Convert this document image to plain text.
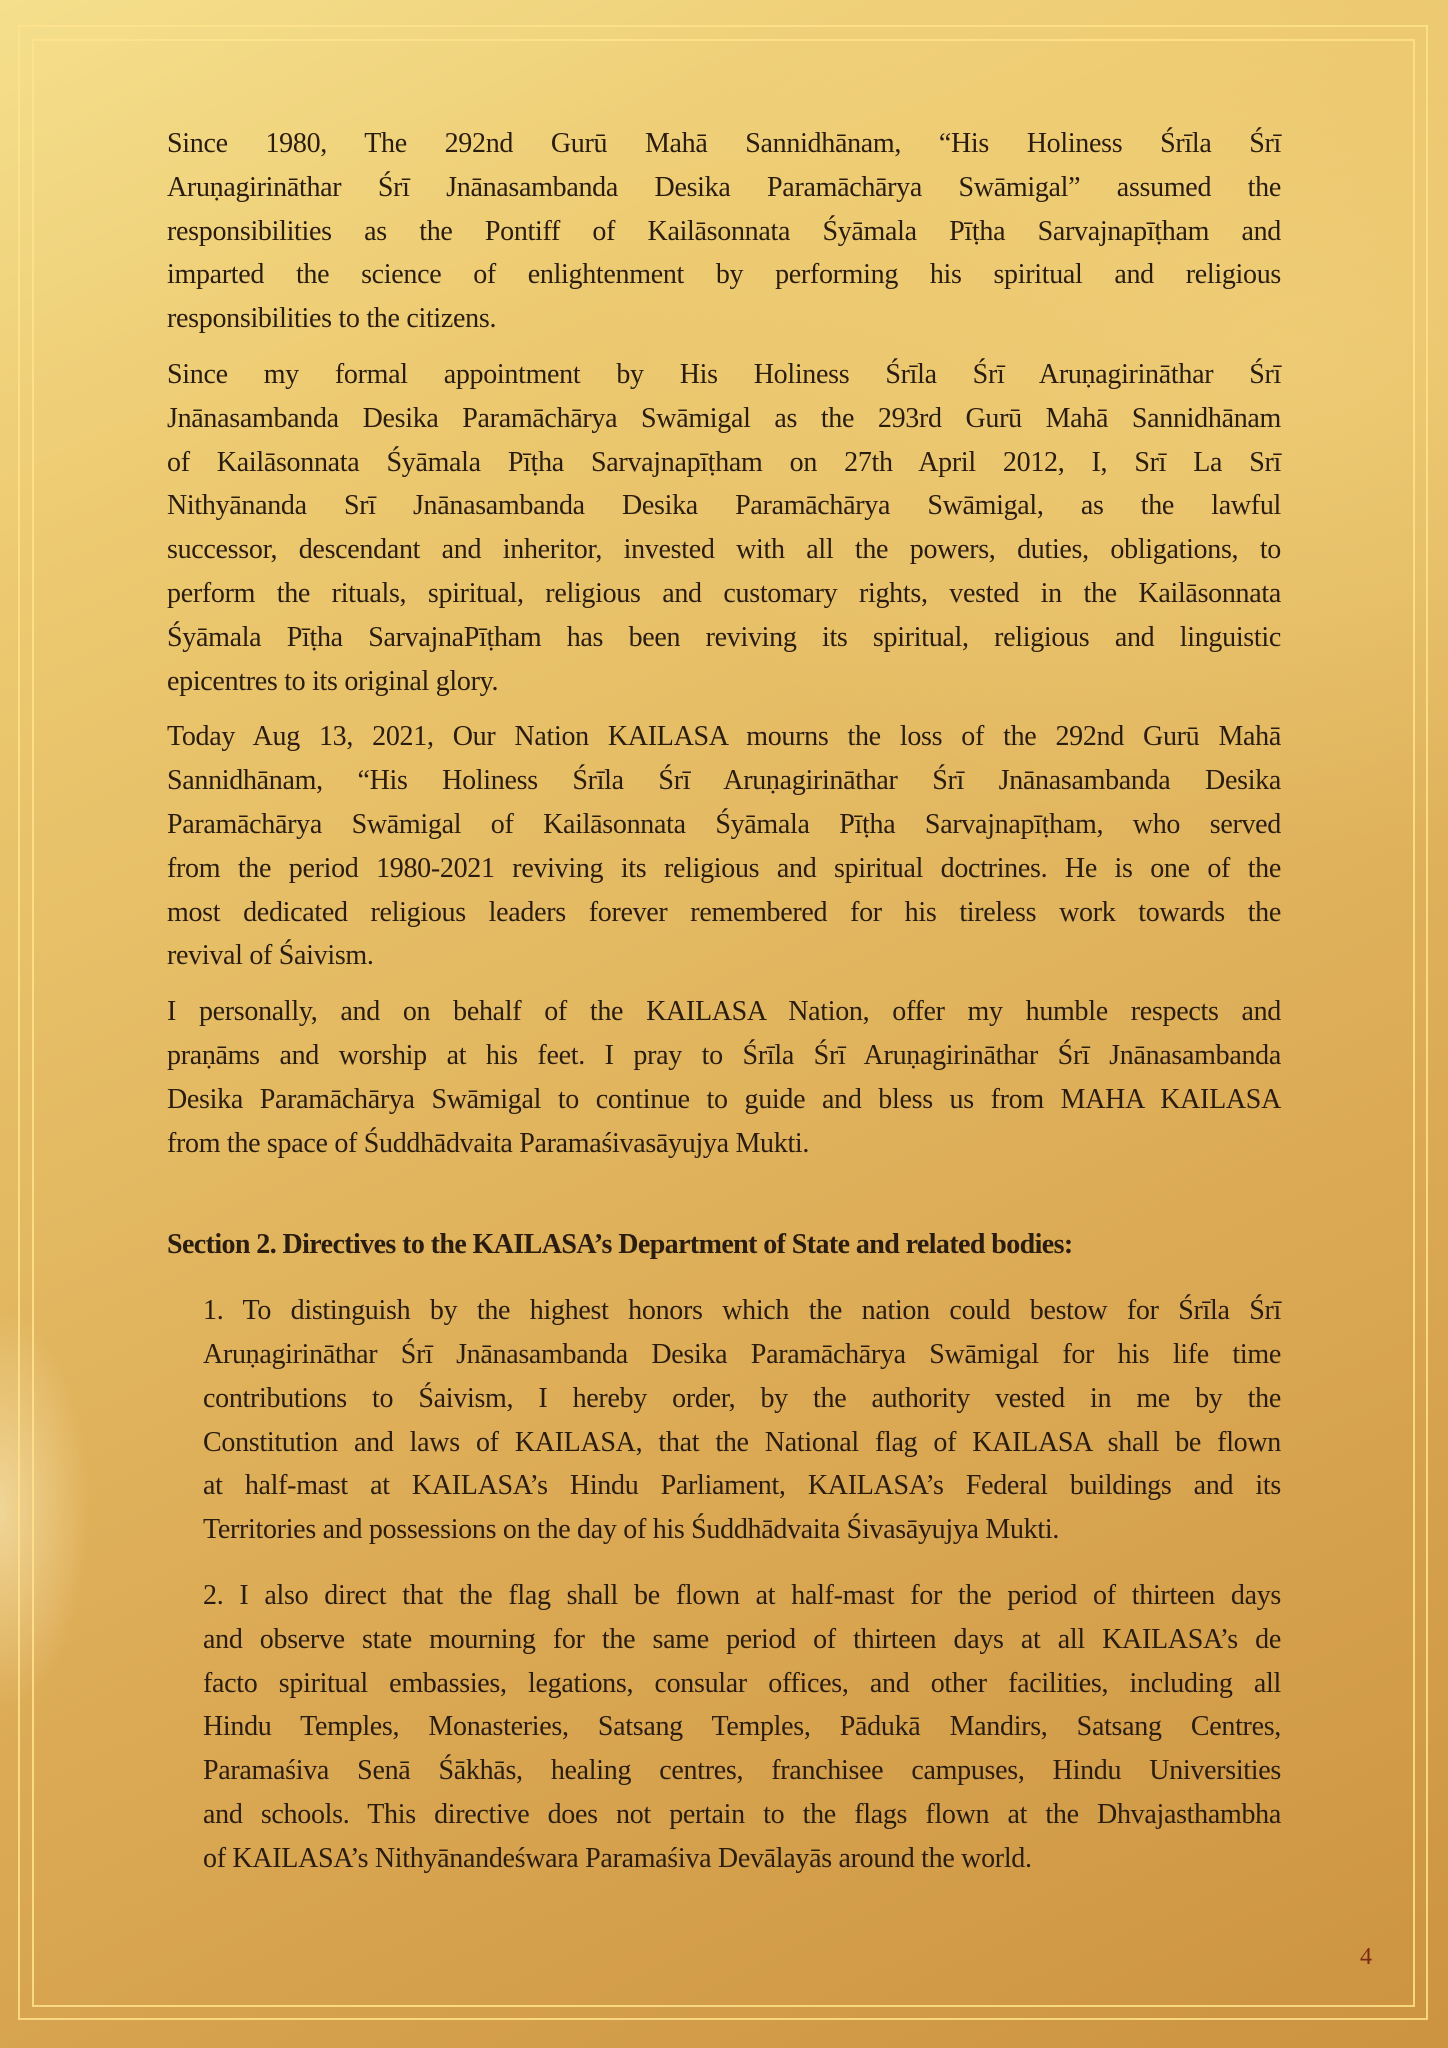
Since 1980, The 292nd Gurū Mahā Sannidhānam, “His Holiness Śrīla Śrī
Aruṇagirināthar Śrī Jnānasambanda Desika Paramāchārya Swāmigal” assumed the
responsibilities as the Pontiff of Kailāsonnata Śyāmala Pīṭha Sarvajnapīṭham and
imparted the science of enlightenment by performing his spiritual and religious
responsibilities to the citizens.
Since my formal appointment by His Holiness Śrīla Śrī Aruṇagirināthar Śrī
Jnānasambanda Desika Paramāchārya Swāmigal as the 293rd Gurū Mahā Sannidhānam
of Kailāsonnata Śyāmala Pīṭha Sarvajnapīṭham on 27th April 2012, I, Srī La Srī
Nithyānanda Srī Jnānasambanda Desika Paramāchārya Swāmigal, as the lawful
successor, descendant and inheritor, invested with all the powers, duties, obligations, to
perform the rituals, spiritual, religious and customary rights, vested in the Kailāsonnata
Śyāmala Pīṭha SarvajnaPīṭham has been reviving its spiritual, religious and linguistic
epicentres to its original glory.
Today Aug 13, 2021, Our Nation KAILASA mourns the loss of the 292nd Gurū Mahā
Sannidhānam, “His Holiness Śrīla Śrī Aruṇagirināthar Śrī Jnānasambanda Desika
Paramāchārya Swāmigal of Kailāsonnata Śyāmala Pīṭha Sarvajnapīṭham, who served
from the period 1980-2021 reviving its religious and spiritual doctrines. He is one of the
most dedicated religious leaders forever remembered for his tireless work towards the
revival of Śaivism.
I personally, and on behalf of the KAILASA Nation, offer my humble respects and
praṇāms and worship at his feet. I pray to Śrīla Śrī Aruṇagirināthar Śrī Jnānasambanda
Desika Paramāchārya Swāmigal to continue to guide and bless us from MAHA KAILASA
from the space of Śuddhādvaita Paramaśivasāyujya Mukti.
Section 2. Directives to the KAILASA’s Department of State and related bodies:
1. To distinguish by the highest honors which the nation could bestow for Śrīla Śrī
Aruṇagirināthar Śrī Jnānasambanda Desika Paramāchārya Swāmigal for his life time
contributions to Śaivism, I hereby order, by the authority vested in me by the
Constitution and laws of KAILASA, that the National flag of KAILASA shall be flown
at half-mast at KAILASA’s Hindu Parliament, KAILASA’s Federal buildings and its
Territories and possessions on the day of his Śuddhādvaita Śivasāyujya Mukti.
2. I also direct that the flag shall be flown at half-mast for the period of thirteen days
and observe state mourning for the same period of thirteen days at all KAILASA’s de
facto spiritual embassies, legations, consular offices, and other facilities, including all
Hindu Temples, Monasteries, Satsang Temples, Pādukā Mandirs, Satsang Centres,
Paramaśiva Senā Śākhās, healing centres, franchisee campuses, Hindu Universities
and schools. This directive does not pertain to the flags flown at the Dhvajasthambha
of KAILASA’s Nithyānandeśwara Paramaśiva Devālayās around the world.
4
